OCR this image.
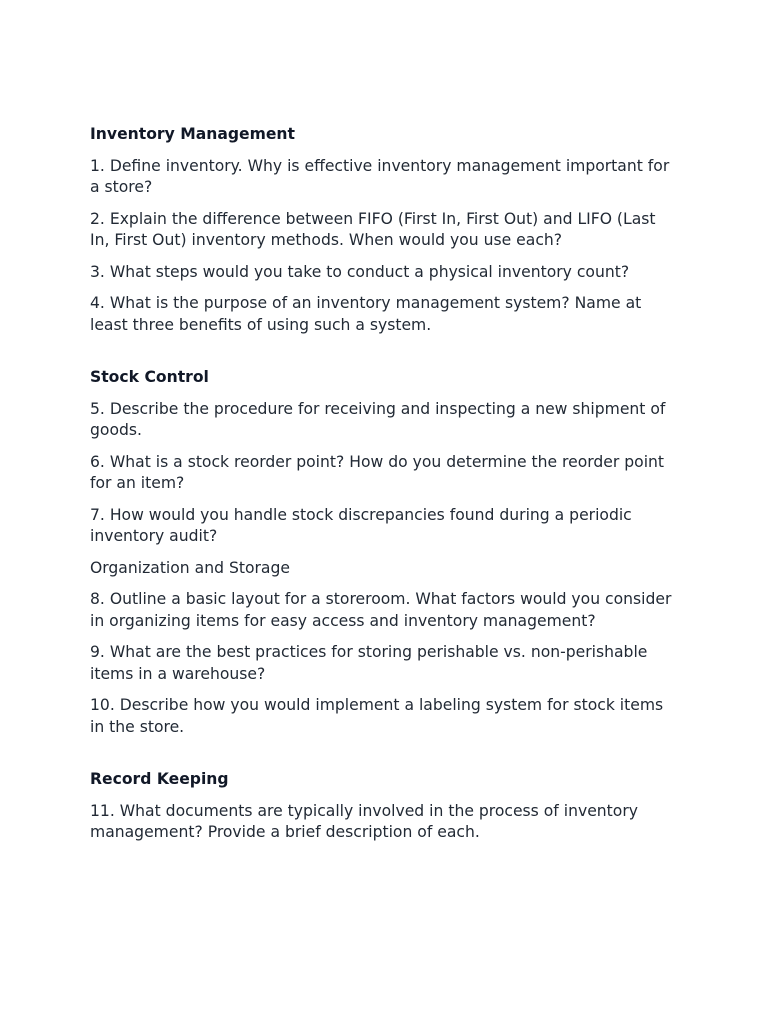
Inventory Management

1. Define inventory. Why is effective inventory management important for a store?

2. Explain the difference between FIFO (First In, First Out) and LIFO (Last In, First Out) inventory methods. When would you use each?

3. What steps would you take to conduct a physical inventory count?

4. What is the purpose of an inventory management system? Name at least three benefits of using such a system.

Stock Control

5. Describe the procedure for receiving and inspecting a new shipment of goods.

6. What is a stock reorder point? How do you determine the reorder point for an item?

7. How would you handle stock discrepancies found during a periodic inventory audit?

Organization and Storage

8. Outline a basic layout for a storeroom. What factors would you consider in organizing items for easy access and inventory management?

9. What are the best practices for storing perishable vs. non-perishable items in a warehouse?

10. Describe how you would implement a labeling system for stock items in the store.

Record Keeping

11. What documents are typically involved in the process of inventory management? Provide a brief description of each.
